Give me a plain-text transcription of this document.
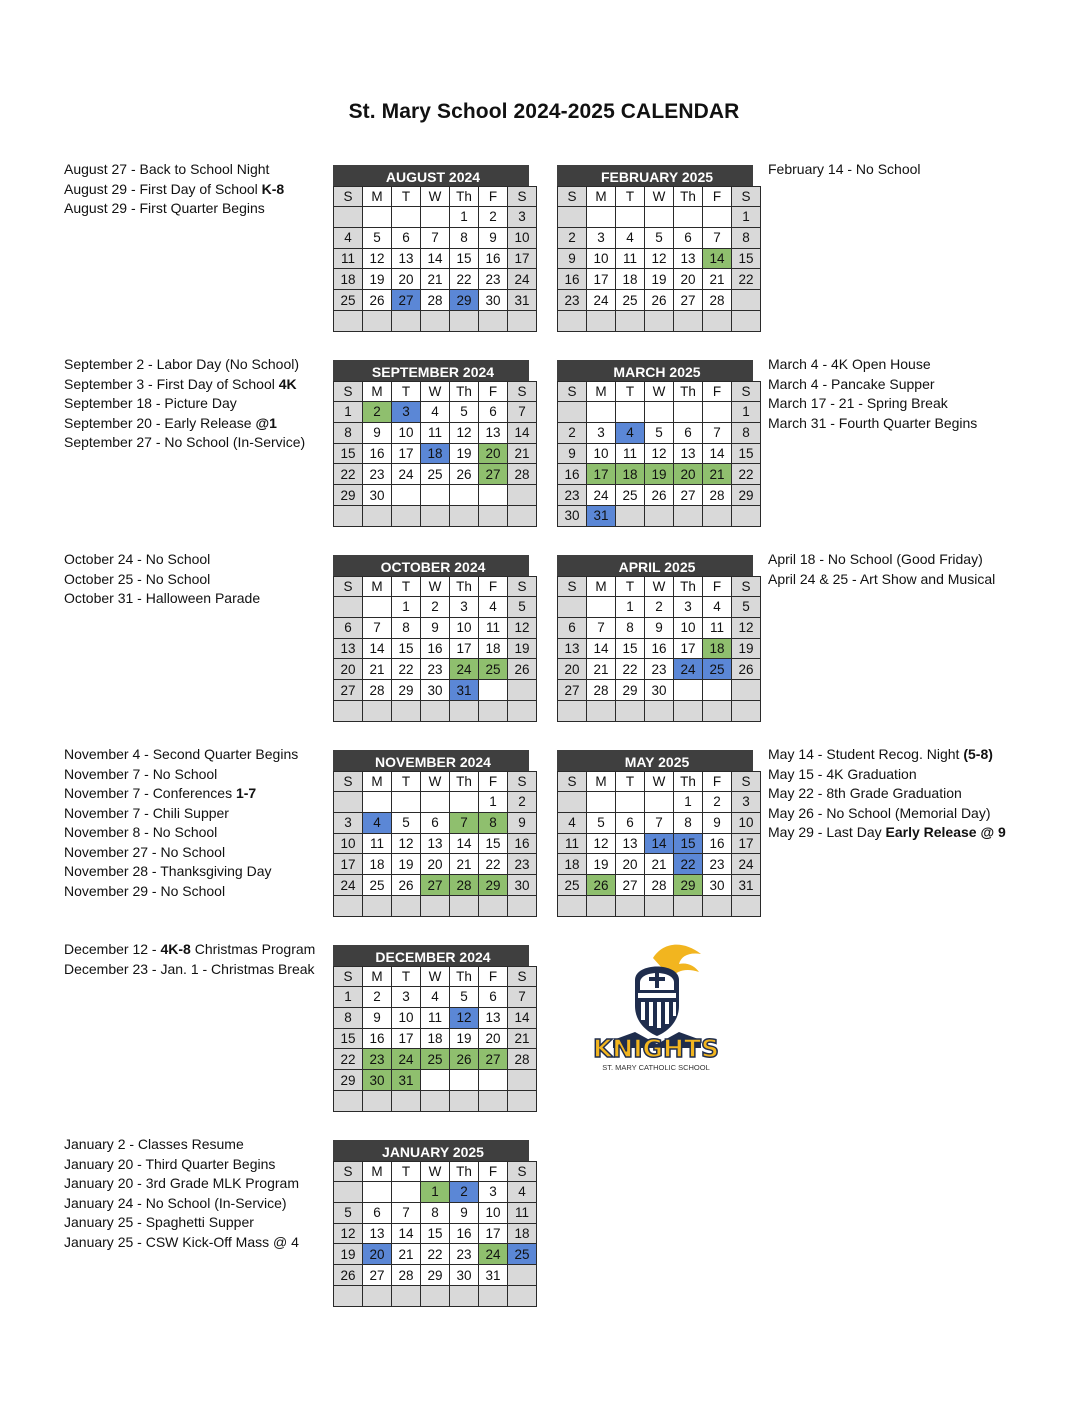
St. Mary School 2024-2025 CALENDAR
August 27 - Back to School Night
August 29 - First Day of School K-8
August 29 - First Quarter Begins
September 2 - Labor Day (No School)
September 3 - First Day of School 4K
September 18 - Picture Day
September 20 - Early Release @1
September 27 - No School (In-Service)
October 24 - No School
October 25 - No School
October 31 - Halloween Parade
November 4 - Second Quarter Begins
November 7 - No School
November 7 - Conferences 1-7
November 7 - Chili Supper
November 8 - No School
November 27 - No School
November 28 - Thanksgiving Day
November 29 - No School
December 12 - 4K-8 Christmas Program
December 23 - Jan. 1 - Christmas Break
January 2 - Classes Resume
January 20 - Third Quarter Begins
January 20 - 3rd Grade MLK Program
January 24 - No School (In-Service)
January 25 - Spaghetti Supper
January 25 - CSW Kick-Off Mass @ 4
February 14 - No School
March 4 - 4K Open House
March 4 - Pancake Supper
March 17 - 21 - Spring Break
March 31 - Fourth Quarter Begins
April 18 - No School (Good Friday)
April 24 & 25 - Art Show and Musical
May 14 - Student Recog. Night (5-8)
May 15 - 4K Graduation
May 22 - 8th Grade Graduation
May 26 - No School (Memorial Day)
May 29 - Last Day Early Release @ 9
AUGUST 2024
S	M	T	W	Th	F	S
				1	2	3
4	5	6	7	8	9	10
11	12	13	14	15	16	17
18	19	20	21	22	23	24
25	26	27	28	29	30	31

SEPTEMBER 2024
S	M	T	W	Th	F	S
1	2	3	4	5	6	7
8	9	10	11	12	13	14
15	16	17	18	19	20	21
22	23	24	25	26	27	28
29	30					

OCTOBER 2024
S	M	T	W	Th	F	S
		1	2	3	4	5
6	7	8	9	10	11	12
13	14	15	16	17	18	19
20	21	22	23	24	25	26
27	28	29	30	31		

NOVEMBER 2024
S	M	T	W	Th	F	S
					1	2
3	4	5	6	7	8	9
10	11	12	13	14	15	16
17	18	19	20	21	22	23
24	25	26	27	28	29	30

DECEMBER 2024
S	M	T	W	Th	F	S
1	2	3	4	5	6	7
8	9	10	11	12	13	14
15	16	17	18	19	20	21
22	23	24	25	26	27	28
29	30	31				

JANUARY 2025
S	M	T	W	Th	F	S
			1	2	3	4
5	6	7	8	9	10	11
12	13	14	15	16	17	18
19	20	21	22	23	24	25
26	27	28	29	30	31	

FEBRUARY 2025
S	M	T	W	Th	F	S
						1
2	3	4	5	6	7	8
9	10	11	12	13	14	15
16	17	18	19	20	21	22
23	24	25	26	27	28	

MARCH 2025
S	M	T	W	Th	F	S
						1
2	3	4	5	6	7	8
9	10	11	12	13	14	15
16	17	18	19	20	21	22
23	24	25	26	27	28	29
30	31					
APRIL 2025
S	M	T	W	Th	F	S
		1	2	3	4	5
6	7	8	9	10	11	12
13	14	15	16	17	18	19
20	21	22	23	24	25	26
27	28	29	30			

MAY 2025
S	M	T	W	Th	F	S
				1	2	3
4	5	6	7	8	9	10
11	12	13	14	15	16	17
18	19	20	21	22	23	24
25	26	27	28	29	30	31

KNIGHTS
ST. MARY CATHOLIC SCHOOL
